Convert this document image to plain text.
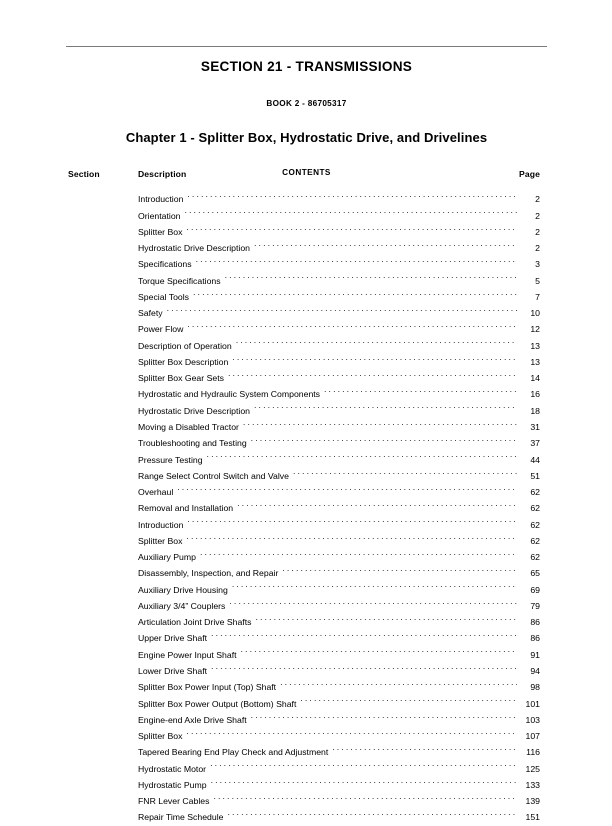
SECTION 21 - TRANSMISSIONS
BOOK 2 - 86705317
Chapter 1 - Splitter Box, Hydrostatic Drive, and Drivelines
CONTENTS
Section	Description	Page
Introduction . . .	2
Orientation . . .	2
Splitter Box . . .	2
Hydrostatic Drive Description . . .	2
Specifications . . .	3
Torque Specifications . . .	5
Special Tools . . .	7
Safety . . .	10
Power Flow . . .	12
Description of Operation . . .	13
Splitter Box Description . . .	13
Splitter Box Gear Sets . . .	14
Hydrostatic and Hydraulic System Components . . .	16
Hydrostatic Drive Description . . .	18
Moving a Disabled Tractor . . .	31
Troubleshooting and Testing . . .	37
Pressure Testing . . .	44
Range Select Control Switch and Valve . . .	51
Overhaul . . .	62
Removal and Installation . . .	62
Introduction . . .	62
Splitter Box . . .	62
Auxiliary Pump . . .	62
Disassembly, Inspection, and Repair . . .	65
Auxiliary Drive Housing . . .	69
Auxiliary 3/4” Couplers . . .	79
Articulation Joint Drive Shafts . . .	86
Upper Drive Shaft . . .	86
Engine Power Input Shaft . . .	91
Lower Drive Shaft . . .	94
Splitter Box Power Input (Top) Shaft . . .	98
Splitter Box Power Output (Bottom) Shaft . . .	101
Engine-end Axle Drive Shaft . . .	103
Splitter Box . . .	107
Tapered Bearing End Play Check and Adjustment . . .	116
Hydrostatic Motor . . .	125
Hydrostatic Pump . . .	133
FNR Lever Cables . . .	139
Repair Time Schedule . . .	151
